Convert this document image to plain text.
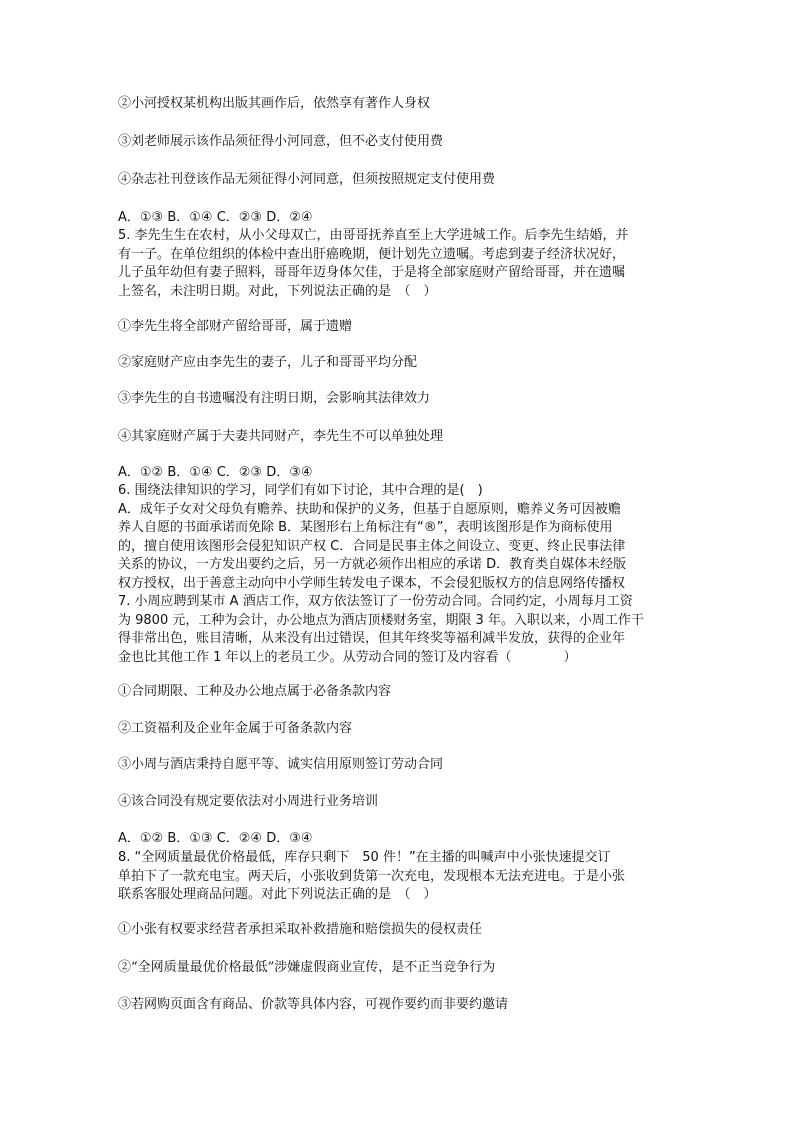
②小河授权某机构出版其画作后，依然享有著作人身权
③刘老师展示该作品须征得小河同意，但不必支付使用费
④杂志社刊登该作品无须征得小河同意，但须按照规定支付使用费
A．①③ B．①④ C．②③ D．②④
5. 李先生生在农村，从小父母双亡，由哥哥抚养直至上大学进城工作。后李先生结婚，并
有一子。在单位组织的体检中查出肝癌晚期，便计划先立遗嘱。考虑到妻子经济状况好，
儿子虽年幼但有妻子照料，哥哥年迈身体欠佳，于是将全部家庭财产留给哥哥，并在遗嘱
上签名，未注明日期。对此，下列说法正确的是　（　）
①李先生将全部财产留给哥哥，属于遗赠
②家庭财产应由李先生的妻子，儿子和哥哥平均分配
③李先生的自书遗嘱没有注明日期，会影响其法律效力
④其家庭财产属于夫妻共同财产，李先生不可以单独处理
A．①② B．①④ C．②③ D．③④
6. 围绕法律知识的学习，同学们有如下讨论，其中合理的是(　)
A．成年子女对父母负有赡养、扶助和保护的义务，但基于自愿原则，赡养义务可因被赡
养人自愿的书面承诺而免除 B．某图形右上角标注有“®”，表明该图形是作为商标使用
的，擅自使用该图形会侵犯知识产权 C．合同是民事主体之间设立、变更、终止民事法律
关系的协议，一方发出要约之后，另一方就必须作出相应的承诺 D．教育类自媒体未经版
权方授权，出于善意主动向中小学师生转发电子课本，不会侵犯版权方的信息网络传播权
7. 小周应聘到某市 A 酒店工作，双方依法签订了一份劳动合同。合同约定，小周每月工资
为 9800 元，工种为会计，办公地点为酒店顶楼财务室，期限 3 年。入职以来，小周工作干
得非常出色，账目清晰，从来没有出过错误，但其年终奖等福利减半发放，获得的企业年
金也比其他工作 1 年以上的老员工少。从劳动合同的签订及内容看（　　　　）
①合同期限、工种及办公地点属于必备条款内容
②工资福利及企业年金属于可备条款内容
③小周与酒店秉持自愿平等、诚实信用原则签订劳动合同
④该合同没有规定要依法对小周进行业务培训
A．①② B．①③ C．②④ D．③④
8. “全网质量最优价格最低，库存只剩下　50 件！”在主播的叫喊声中小张快速提交订
单拍下了一款充电宝。两天后，小张收到货第一次充电，发现根本无法充进电。于是小张
联系客服处理商品问题。对此下列说法正确的是　（　）
①小张有权要求经营者承担采取补救措施和赔偿损失的侵权责任
②“全网质量最优价格最低”涉嫌虚假商业宣传，是不正当竞争行为
③若网购页面含有商品、价款等具体内容，可视作要约而非要约邀请
